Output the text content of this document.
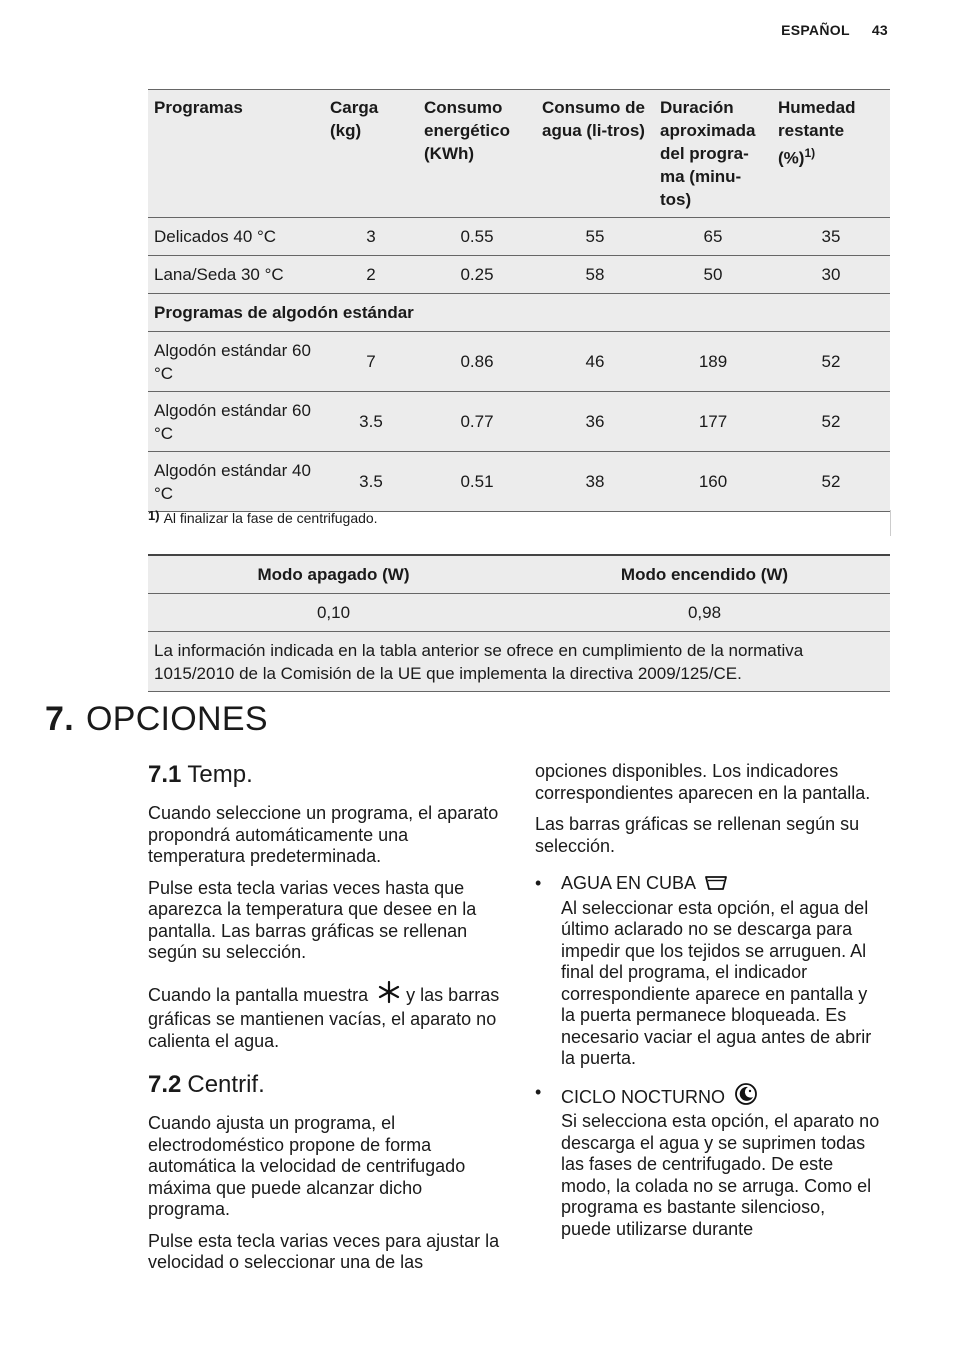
ESPAÑOL 43
Programas	Carga (kg)	Consumo energético (KWh)	Consumo de agua (li-tros)	Duración aproximada del progra-ma (minu-tos)	Humedad restante
(%)$^{1)}$
Delicados 40 °C	3	0.55	55	65	35
Lana/Seda 30 °C	2	0.25	58	50	30
Programas de algodón estándar					
Algodón estándar 60 °C	7	0.86	46	189	52
Algodón estándar 60 °C	3.5	0.77	36	177	52
Algodón estándar 40 °C	3.5	0.51	38	160	52
1) Al finalizar la fase de centrifugado.
Modo apagado (W)	Modo encendido (W)
0,10	0,98
La información indicada en la tabla anterior se ofrece en cumplimiento de la normativa 1015/2010 de la Comisión de la UE que implementa la directiva 2009/125/CE.	
7. OPCIONES
7.1 Temp.

Cuando seleccione un programa, el aparato propondrá automáticamente una temperatura predeterminada.

Pulse esta tecla varias veces hasta que aparezca la temperatura que desee en la pantalla. Las barras gráficas se rellenan según su selección.

Cuando la pantalla muestra y las barras gráficas se mantienen vacías, el aparato no calienta el agua.

7.2 Centrif.

Cuando ajusta un programa, el electrodoméstico propone de forma automática la velocidad de centrifugado máxima que puede alcanzar dicho programa.

Pulse esta tecla varias veces para ajustar la velocidad o seleccionar una de las

opciones disponibles. Los indicadores correspondientes aparecen en la pantalla.

Las barras gráficas se rellenan según su selección.

• AGUA EN CUBA
Al seleccionar esta opción, el agua del último aclarado no se descarga para impedir que los tejidos se arruguen. Al final del programa, el indicador correspondiente aparece en pantalla y la puerta permanece bloqueada. Es necesario vaciar el agua antes de abrir la puerta.
• CICLO NOCTURNO
Si selecciona esta opción, el aparato no descarga el agua y se suprimen todas las fases de centrifugado. De este modo, la colada no se arruga. Como el programa es bastante silencioso, puede utilizarse durante
